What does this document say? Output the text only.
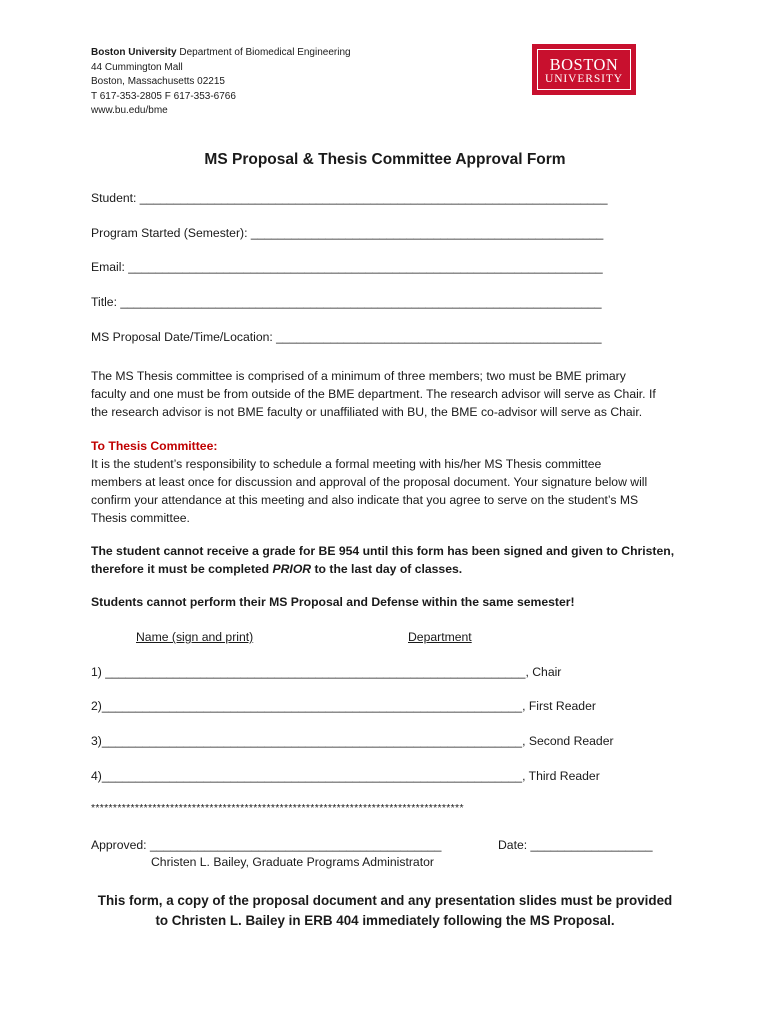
Boston University Department of Biomedical Engineering
44 Cummington Mall
Boston, Massachusetts 02215
T 617-353-2805 F 617-353-6766
www.bu.edu/bme
BOSTON
UNIVERSITY
MS Proposal & Thesis Committee Approval Form
Student: _____________________________________________________________________
Program Started (Semester): ____________________________________________________
Email: ______________________________________________________________________
Title: _______________________________________________________________________
MS Proposal Date/Time/Location: ________________________________________________
The MS Thesis committee is comprised of a minimum of three members; two must be BME primary
faculty and one must be from outside of the BME department. The research advisor will serve as Chair. If
the research advisor is not BME faculty or unaffiliated with BU, the BME co-advisor will serve as Chair.
To Thesis Committee:
It is the student’s responsibility to schedule a formal meeting with his/her MS Thesis committee
members at least once for discussion and approval of the proposal document. Your signature below will
confirm your attendance at this meeting and also indicate that you agree to serve on the student’s MS
Thesis committee.
The student cannot receive a grade for BE 954 until this form has been signed and given to Christen,
therefore it must be completed PRIOR to the last day of classes.
Students cannot perform their MS Proposal and Defense within the same semester!
Name (sign and print)	Department
1) ______________________________________________________________, Chair
2)______________________________________________________________, First Reader
3)______________________________________________________________, Second Reader
4)______________________________________________________________, Third Reader
*************************************************************************************
Approved: ___________________________________________	Date: __________________
Christen L. Bailey, Graduate Programs Administrator
This form, a copy of the proposal document and any presentation slides must be provided
to Christen L. Bailey in ERB 404 immediately following the MS Proposal.
